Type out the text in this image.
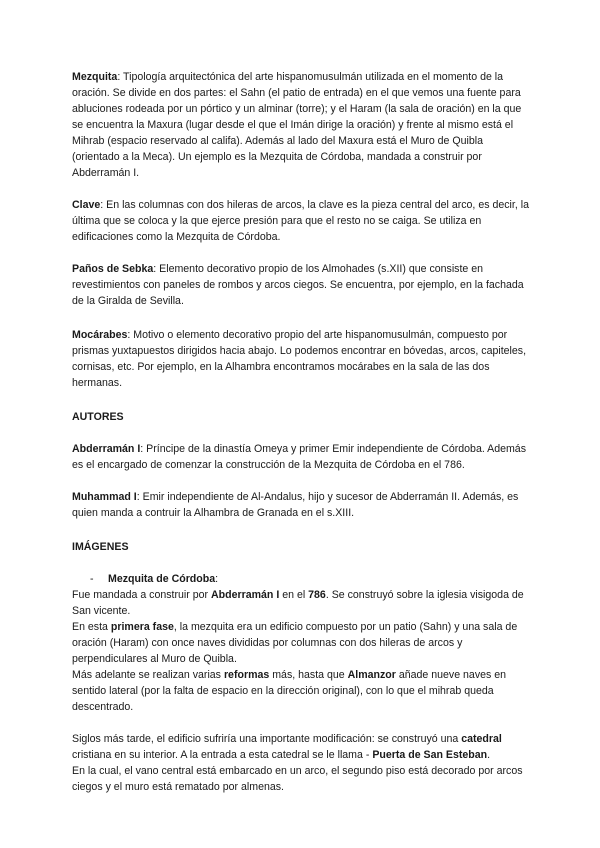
Mezquita: Tipología arquitectónica del arte hispanomusulmán utilizada en el momento de la oración. Se divide en dos partes: el Sahn (el patio de entrada) en el que vemos una fuente para abluciones rodeada por un pórtico y un alminar (torre); y el Haram (la sala de oración) en la que se encuentra la Maxura (lugar desde el que el Imán dirige la oración) y frente al mismo está el Mihrab (espacio reservado al califa). Además al lado del Maxura está el Muro de Quibla (orientado a la Meca). Un ejemplo es la Mezquita de Córdoba, mandada a construir por Abderramán I.

Clave: En las columnas con dos hileras de arcos, la clave es la pieza central del arco, es decir, la última que se coloca y la que ejerce presión para que el resto no se caiga. Se utiliza en edificaciones como la Mezquita de Córdoba.

Paños de Sebka: Elemento decorativo propio de los Almohades (s.XII) que consiste en revestimientos con paneles de rombos y arcos ciegos. Se encuentra, por ejemplo, en la fachada de la Giralda de Sevilla.

Mocárabes: Motivo o elemento decorativo propio del arte hispanomusulmán, compuesto por prismas yuxtapuestos dirigidos hacia abajo. Lo podemos encontrar en bóvedas, arcos, capiteles, cornisas, etc. Por ejemplo, en la Alhambra encontramos mocárabes en la sala de las dos hermanas.

AUTORES

Abderramán I: Príncipe de la dinastía Omeya y primer Emir independiente de Córdoba. Además es el encargado de comenzar la construcción de la Mezquita de Córdoba en el 786.

Muhammad I: Emir independiente de Al-Andalus, hijo y sucesor de Abderramán II. Además, es quien manda a contruir la Alhambra de Granada en el s.XIII.

IMÁGENES

- Mezquita de Córdoba:

Fue mandada a construir por Abderramán I en el 786. Se construyó sobre la iglesia visigoda de San vicente.

En esta primera fase, la mezquita era un edificio compuesto por un patio (Sahn) y una sala de oración (Haram) con once naves divididas por columnas con dos hileras de arcos y perpendiculares al Muro de Quibla.

Más adelante se realizan varias reformas más, hasta que Almanzor añade nueve naves en sentido lateral (por la falta de espacio en la dirección original), con lo que el mihrab queda descentrado.

Siglos más tarde, el edificio sufriría una importante modificación: se construyó una catedral cristiana en su interior. A la entrada a esta catedral se le llama - Puerta de San Esteban.

En la cual, el vano central está embarcado en un arco, el segundo piso está decorado por arcos ciegos y el muro está rematado por almenas.
